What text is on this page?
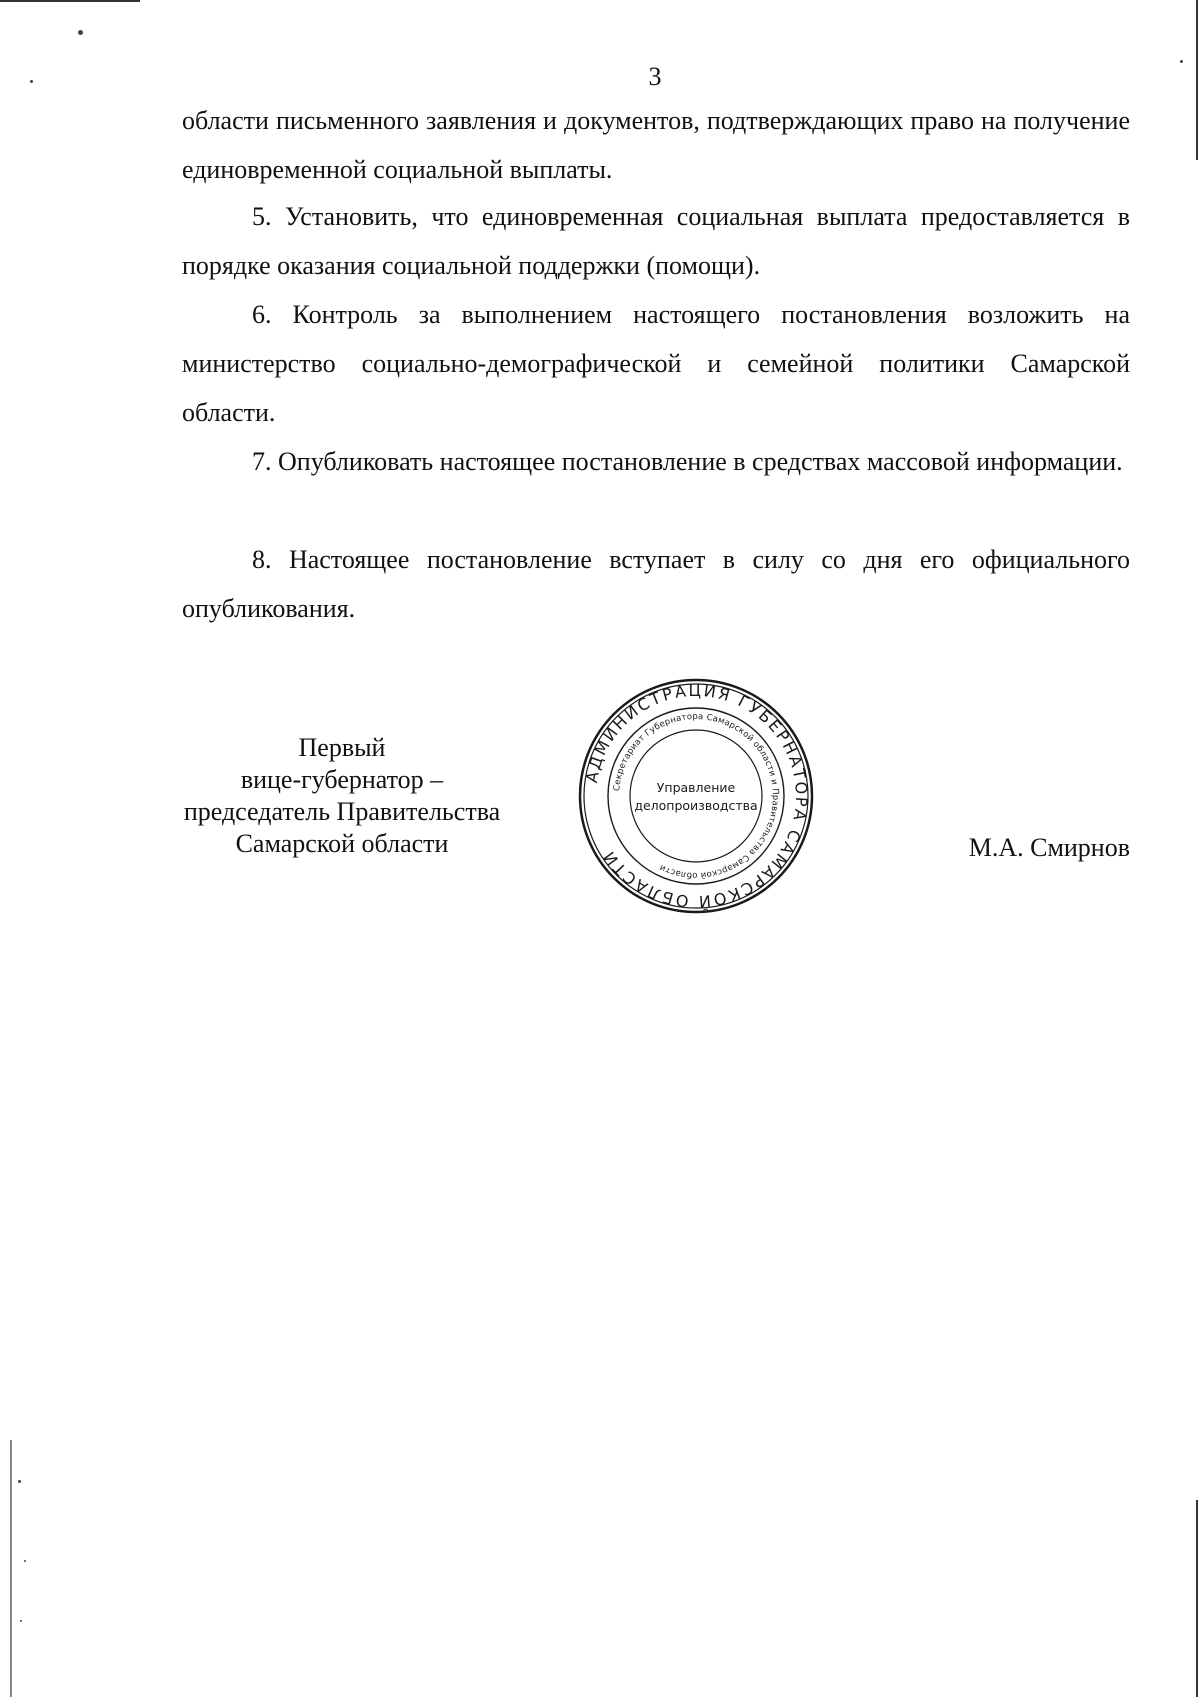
3

области письменного заявления и документов, подтверждающих право на получение единовременной социальной выплаты.

5. Установить, что единовременная социальная выплата предоставляется в порядке оказания социальной поддержки (помощи).

6. Контроль за выполнением настоящего постановления возложить на министерство социально-демографической и семейной политики Самарской области.

7. Опубликовать настоящее постановление в средствах массовой информации.

8. Настоящее постановление вступает в силу со дня его официального опубликования.

Первый
вице-губернатор –
председатель Правительства
Самарской области
АДМИНИСТРАЦИЯ ГУБЕРНАТОРА САМАРСКОЙ ОБЛАСТИ
Секретариат Губернатора Самарской области и Правительства Самарской области
Управление
делопроизводства
М.А. Смирнов
